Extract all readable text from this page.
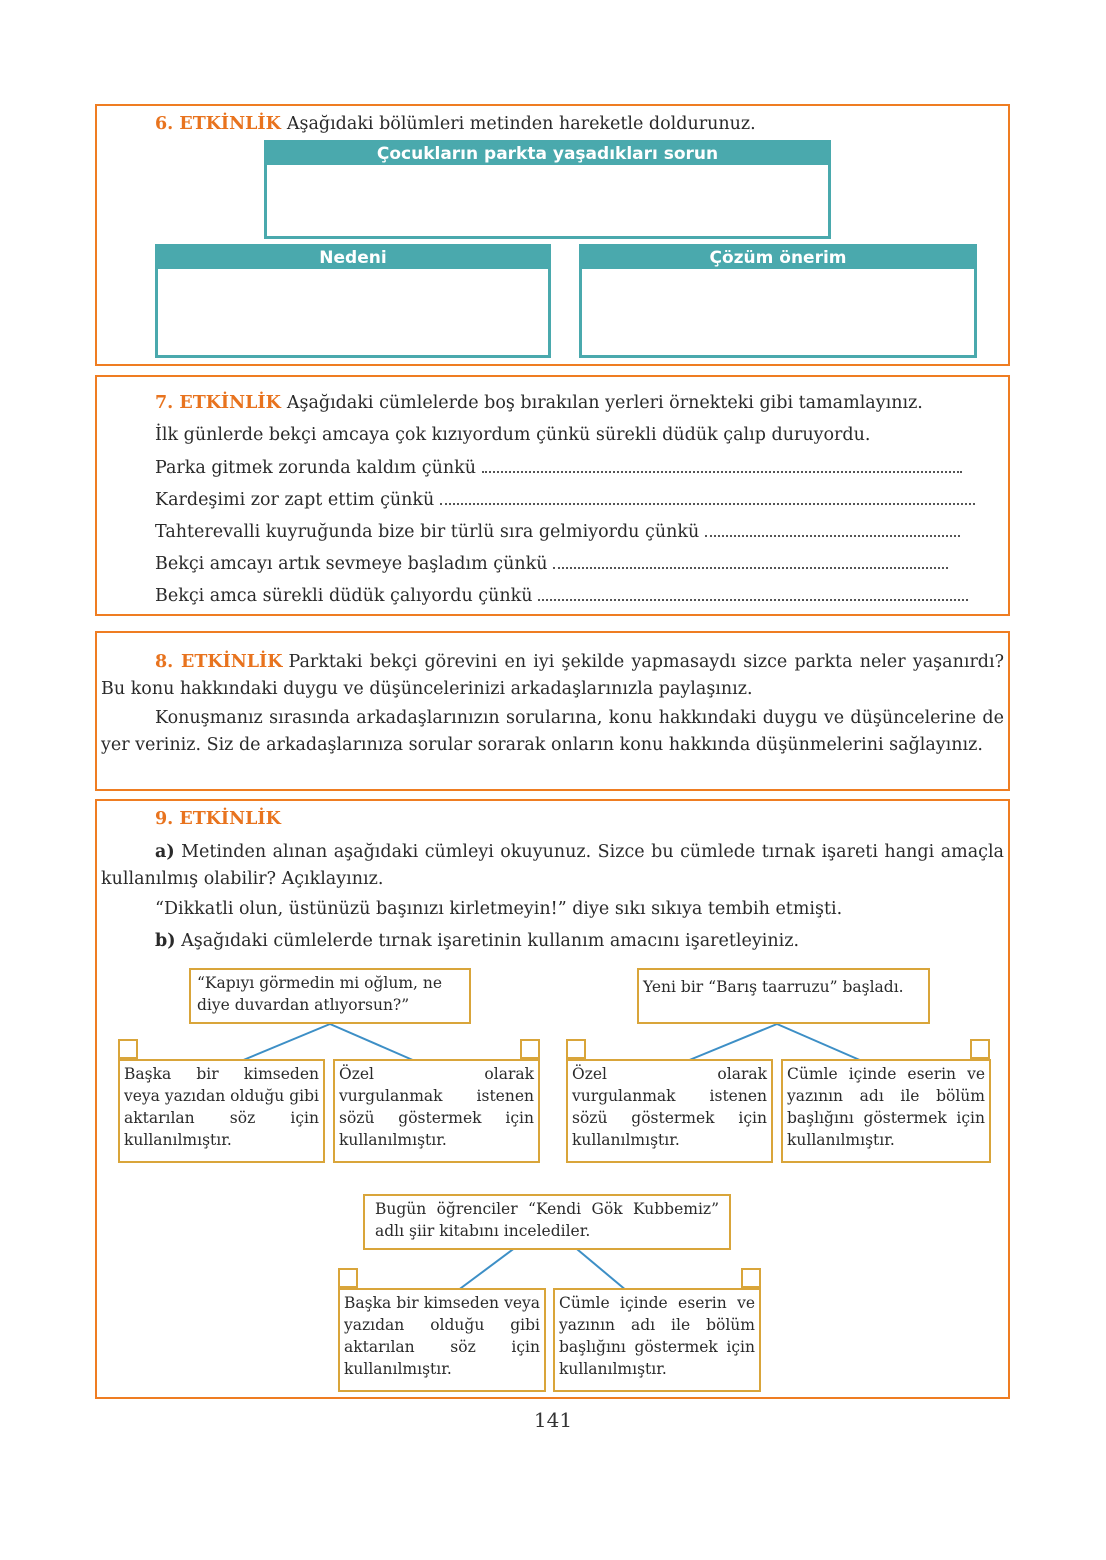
6. ETKİNLİK Aşağıdaki bölümleri metinden hareketle doldurunuz.
Çocukların parkta yaşadıkları sorun
Nedeni	Çözüm önerim
7. ETKİNLİK Aşağıdaki cümlelerde boş bırakılan yerleri örnekteki gibi tamamlayınız.
İlk günlerde bekçi amcaya çok kızıyordum çünkü sürekli düdük çalıp duruyordu.
Parka gitmek zorunda kaldım çünkü
Kardeşimi zor zapt ettim çünkü
Tahterevalli kuyruğunda bize bir türlü sıra gelmiyordu çünkü
Bekçi amcayı artık sevmeye başladım çünkü
Bekçi amca sürekli düdük çalıyordu çünkü
8. ETKİNLİK Parktaki bekçi görevini en iyi şekilde yapmasaydı sizce parkta neler yaşanırdı? Bu konu hakkındaki duygu ve düşüncelerinizi arkadaşlarınızla paylaşınız.
Konuşmanız sırasında arkadaşlarınızın sorularına, konu hakkındaki duygu ve düşüncelerine de yer veriniz. Siz de arkadaşlarınıza sorular sorarak onların konu hakkında düşünmelerini sağlayınız.
9. ETKİNLİK
a) Metinden alınan aşağıdaki cümleyi okuyunuz. Sizce bu cümlede tırnak işareti hangi amaçla kullanılmış olabilir? Açıklayınız.
“Dikkatli olun, üstünüzü başınızı kirletmeyin!” diye sıkı sıkıya tembih etmişti.
b) Aşağıdaki cümlelerde tırnak işaretinin kullanım amacını işaretleyiniz.
“Kapıyı görmedin mi oğlum, ne diye duvardan atlıyorsun?”
Başka bir kimseden veya yazıdan olduğu gibi aktarılan söz için kullanılmıştır.
Özel olarak vurgulanmak istenen sözü göstermek için kullanılmıştır.
Yeni bir “Barış taarruzu” başladı.
Özel olarak vurgulanmak istenen sözü göstermek için kullanılmıştır.
Cümle içinde eserin ve yazının adı ile bölüm başlığını göstermek için kullanılmıştır.
Bugün öğrenciler “Kendi Gök Kubbemiz” adlı şiir kitabını incelediler.
Başka bir kimseden veya yazıdan olduğu gibi aktarılan söz için kullanılmıştır.
Cümle içinde eserin ve yazının adı ile bölüm başlığını göstermek için kullanılmıştır.
141
